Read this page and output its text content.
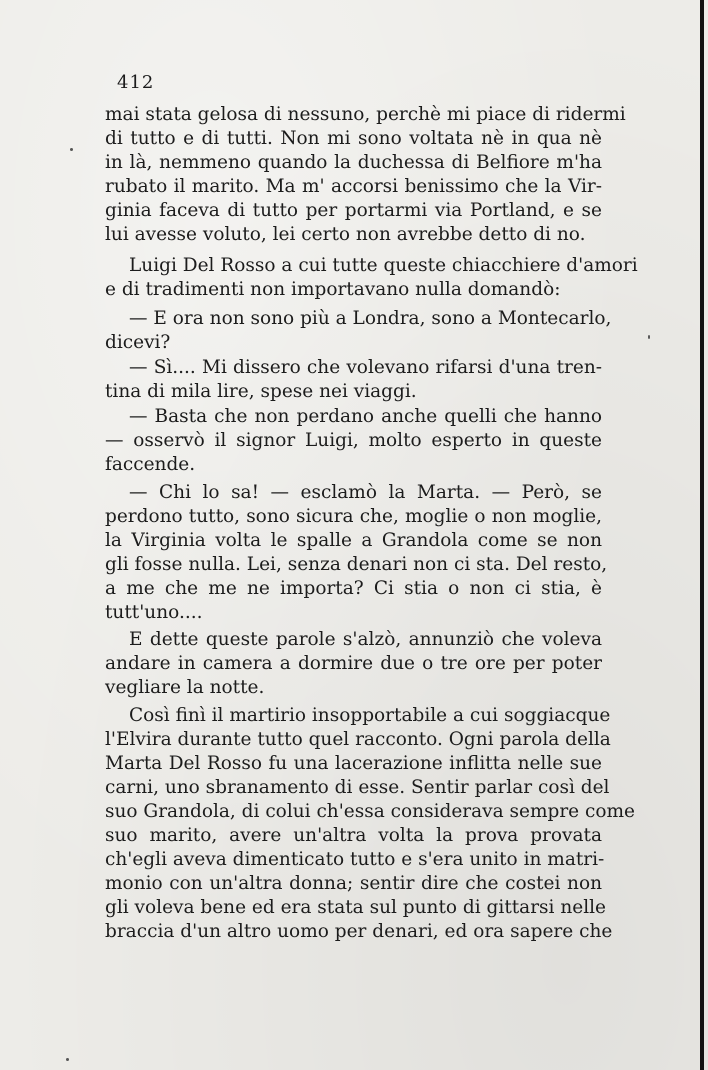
412
mai stata gelosa di nessuno, perchè mi piace di ridermi
di tutto e di tutti. Non mi sono voltata nè in qua nè
in là, nemmeno quando la duchessa di Belfiore m'ha
rubato il marito. Ma m' accorsi benissimo che la Vir-
ginia faceva di tutto per portarmi via Portland, e se
lui avesse voluto, lei certo non avrebbe detto di no.
Luigi Del Rosso a cui tutte queste chiacchiere d'amori
e di tradimenti non importavano nulla domandò:
— E ora non sono più a Londra, sono a Montecarlo,
dicevi?
— Sì.... Mi dissero che volevano rifarsi d'una tren-
tina di mila lire, spese nei viaggi.
— Basta che non perdano anche quelli che hanno
— osservò il signor Luigi, molto esperto in queste
faccende.
— Chi lo sa! — esclamò la Marta. — Però, se
perdono tutto, sono sicura che, moglie o non moglie,
la Virginia volta le spalle a Grandola come se non
gli fosse nulla. Lei, senza denari non ci sta. Del resto,
a me che me ne importa? Ci stia o non ci stia, è
tutt'uno....
E dette queste parole s'alzò, annunziò che voleva
andare in camera a dormire due o tre ore per poter
vegliare la notte.
Così finì il martirio insopportabile a cui soggiacque
l'Elvira durante tutto quel racconto. Ogni parola della
Marta Del Rosso fu una lacerazione inflitta nelle sue
carni, uno sbranamento di esse. Sentir parlar così del
suo Grandola, di colui ch'essa considerava sempre come
suo marito, avere un'altra volta la prova provata
ch'egli aveva dimenticato tutto e s'era unito in matri-
monio con un'altra donna; sentir dire che costei non
gli voleva bene ed era stata sul punto di gittarsi nelle
braccia d'un altro uomo per denari, ed ora sapere che
